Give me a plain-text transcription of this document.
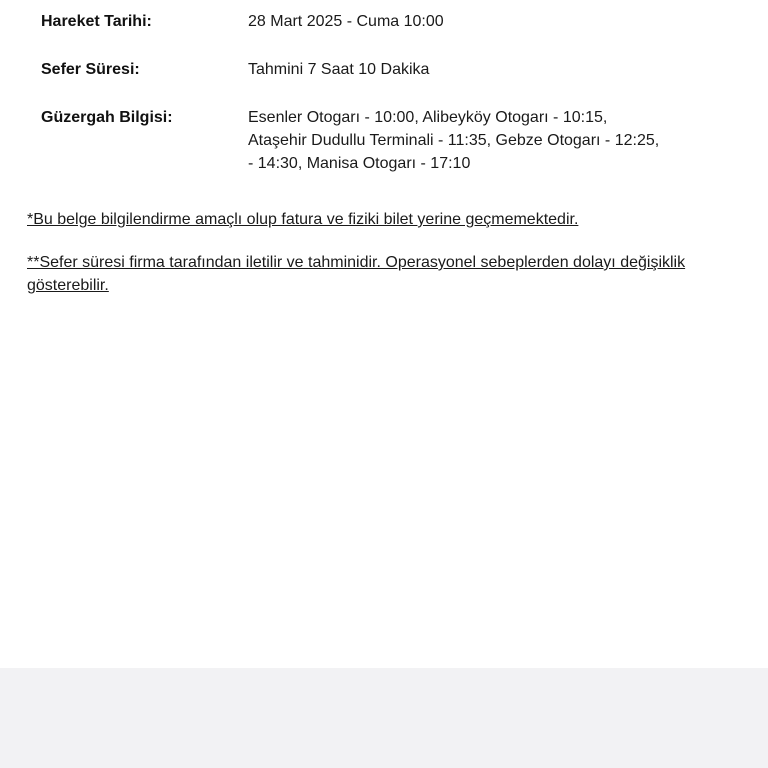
Hareket Tarihi:	28 Mart 2025 - Cuma 10:00
Sefer Süresi:	Tahmini 7 Saat 10 Dakika
Güzergah Bilgisi:	Esenler Otogarı - 10:00, Alibeyköy Otogarı - 10:15,
Ataşehir Dudullu Terminali - 11:35, Gebze Otogarı - 12:25,
- 14:30, Manisa Otogarı - 17:10

*Bu belge bilgilendirme amaçlı olup fatura ve fiziki bilet yerine geçmemektedir.

**Sefer süresi firma tarafından iletilir ve tahminidir. Operasyonel sebeplerden dolayı değişiklik gösterebilir.
